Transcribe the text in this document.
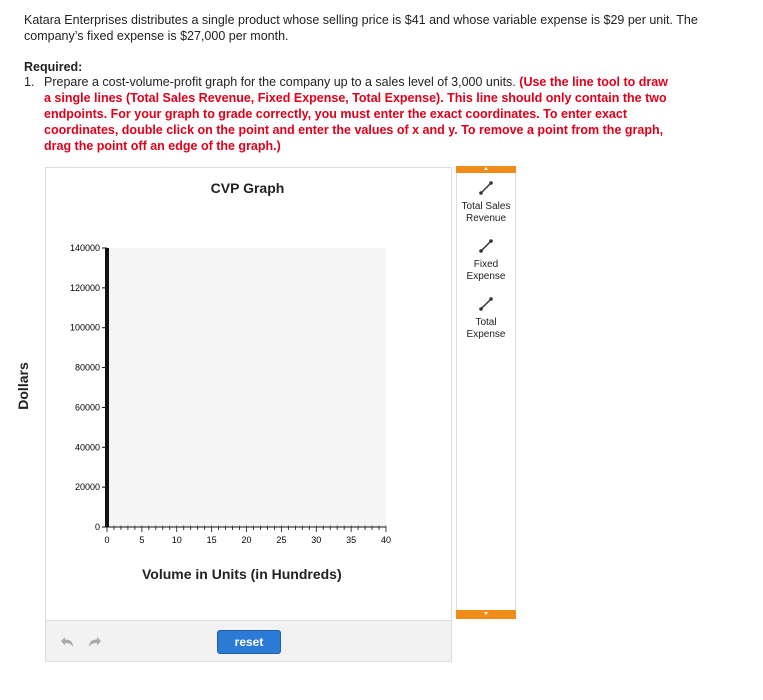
Katara Enterprises distributes a single product whose selling price is $41 and whose variable expense is $29 per unit. The company’s fixed expense is $27,000 per month.
Required:
1. Prepare a cost-volume-profit graph for the company up to a sales level of 3,000 units. (Use the line tool to draw a single lines (Total Sales Revenue, Fixed Expense, Total Expense). This line should only contain the two endpoints. For your graph to grade correctly, you must enter the exact coordinates. To enter exact coordinates, double click on the point and enter the values of x and y. To remove a point from the graph, drag the point off an edge of the graph.)
140000
120000
100000
80000
60000
40000
20000
0
0	5	10	15	20	25	30	35	40
CVP Graph
Dollars
Volume in Units (in Hundreds)
reset
Total Sales
Revenue
Fixed
Expense
Total
Expense
